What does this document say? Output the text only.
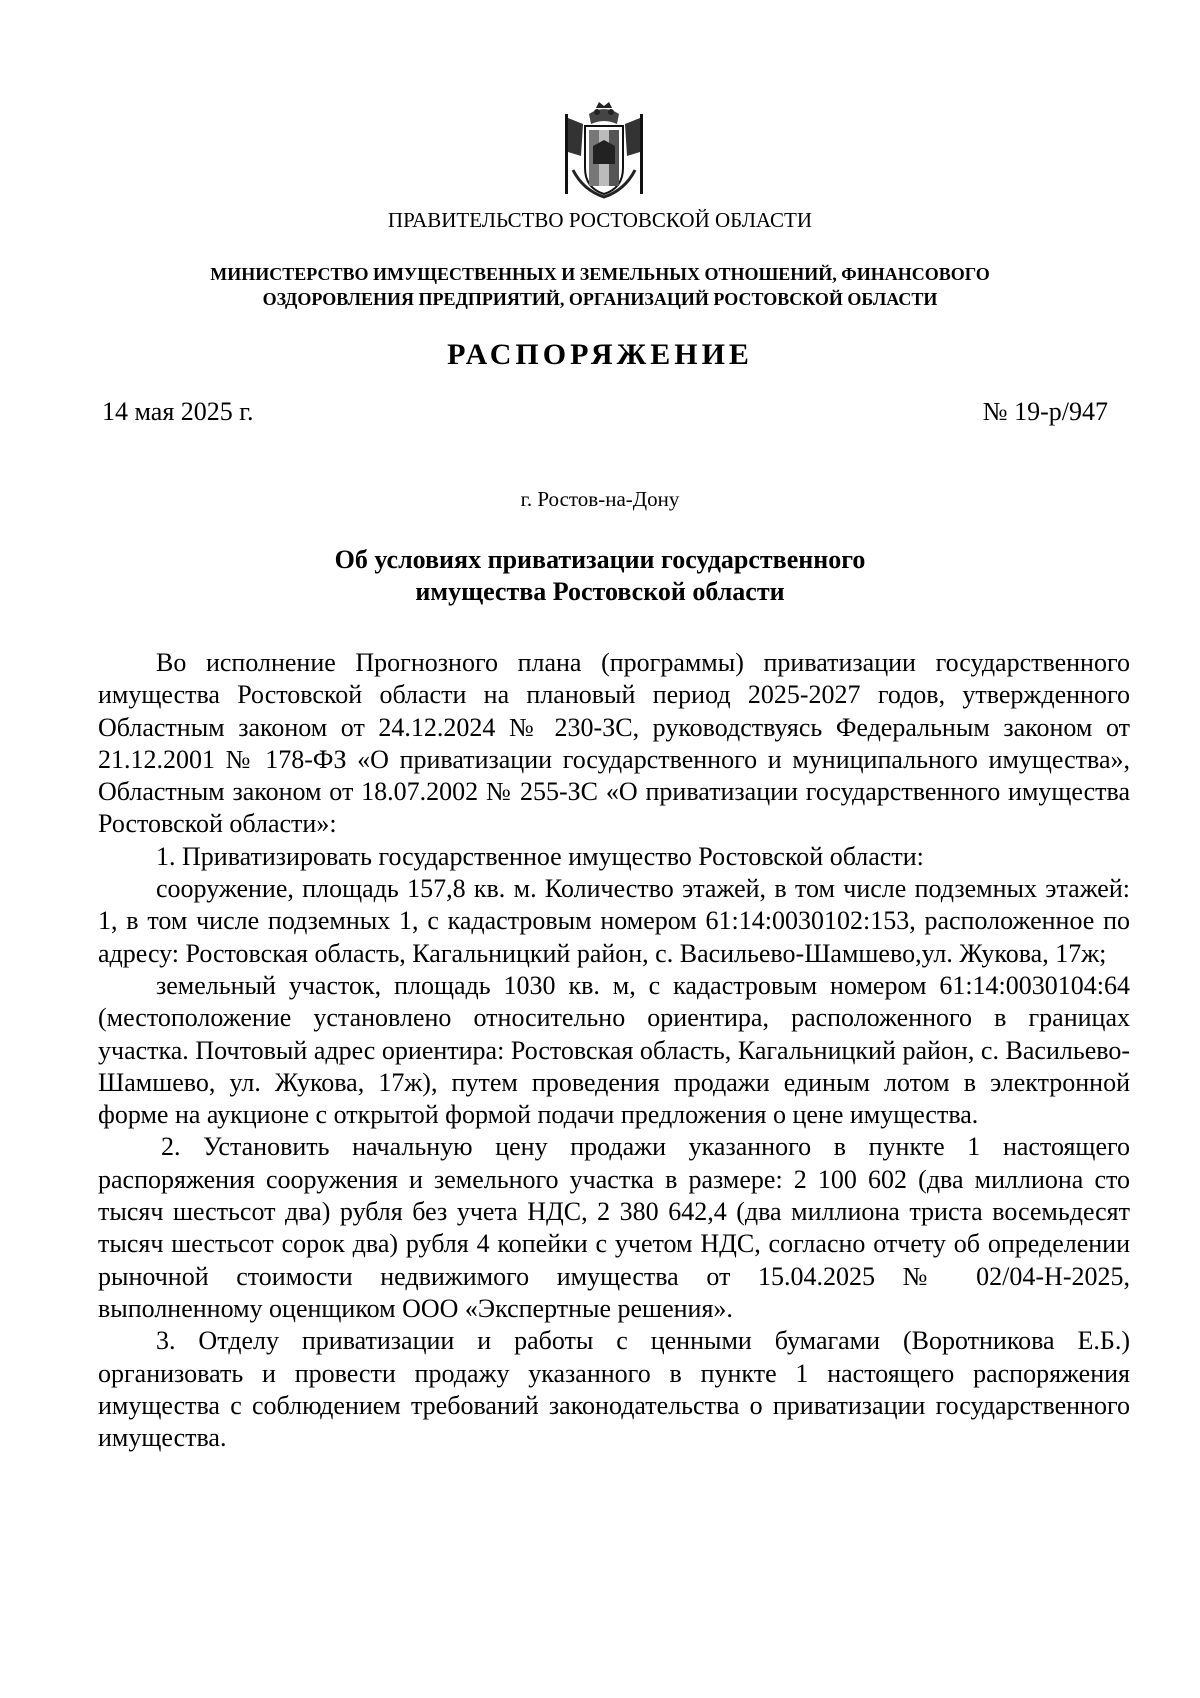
ПРАВИТЕЛЬСТВО РОСТОВСКОЙ ОБЛАСТИ
МИНИСТЕРСТВО ИМУЩЕСТВЕННЫХ И ЗЕМЕЛЬНЫХ ОТНОШЕНИЙ, ФИНАНСОВОГО
ОЗДОРОВЛЕНИЯ ПРЕДПРИЯТИЙ, ОРГАНИЗАЦИЙ РОСТОВСКОЙ ОБЛАСТИ
РАСПОРЯЖЕНИЕ
14 мая 2025 г.	№ 19-р/947
г. Ростов-на-Дону
Об условиях приватизации государственного
имущества Ростовской области

Во исполнение Прогнозного плана (программы) приватизации государственного имущества Ростовской области на плановый период 2025-2027 годов, утвержденного Областным законом от 24.12.2024 № 230-ЗС, руководствуясь Федеральным законом от 21.12.2001 № 178-ФЗ «О приватизации государственного и муниципального имущества», Областным законом от 18.07.2002 № 255-ЗС «О приватизации государственного имущества Ростовской области»:

1. Приватизировать государственное имущество Ростовской области:

сооружение, площадь 157,8 кв. м. Количество этажей, в том числе подземных этажей: 1, в том числе подземных 1, с кадастровым номером 61:14:0030102:153, расположенное по адресу: Ростовская область, Кагальницкий район, с. Васильево-Шамшево,ул. Жукова, 17ж;

земельный участок, площадь 1030 кв. м, с кадастровым номером 61:14:0030104:64 (местоположение установлено относительно ориентира, расположенного в границах участка. Почтовый адрес ориентира: Ростовская область, Кагальницкий район, с. Васильево-Шамшево, ул. Жукова, 17ж), путем проведения продажи единым лотом в электронной форме на аукционе с открытой формой подачи предложения о цене имущества.

2. Установить начальную цену продажи указанного в пункте 1 настоящего распоряжения сооружения и земельного участка в размере: 2 100 602 (два миллиона сто тысяч шестьсот два) рубля без учета НДС, 2 380 642,4 (два миллиона триста восемьдесят тысяч шестьсот сорок два) рубля 4 копейки с учетом НДС, согласно отчету об определении рыночной стоимости недвижимого имущества от 15.04.2025 № 02/04-Н-2025, выполненному оценщиком ООО «Экспертные решения».

3. Отделу приватизации и работы с ценными бумагами (Воротникова Е.Б.) организовать и провести продажу указанного в пункте 1 настоящего распоряжения имущества с соблюдением требований законодательства о приватизации государственного имущества.
